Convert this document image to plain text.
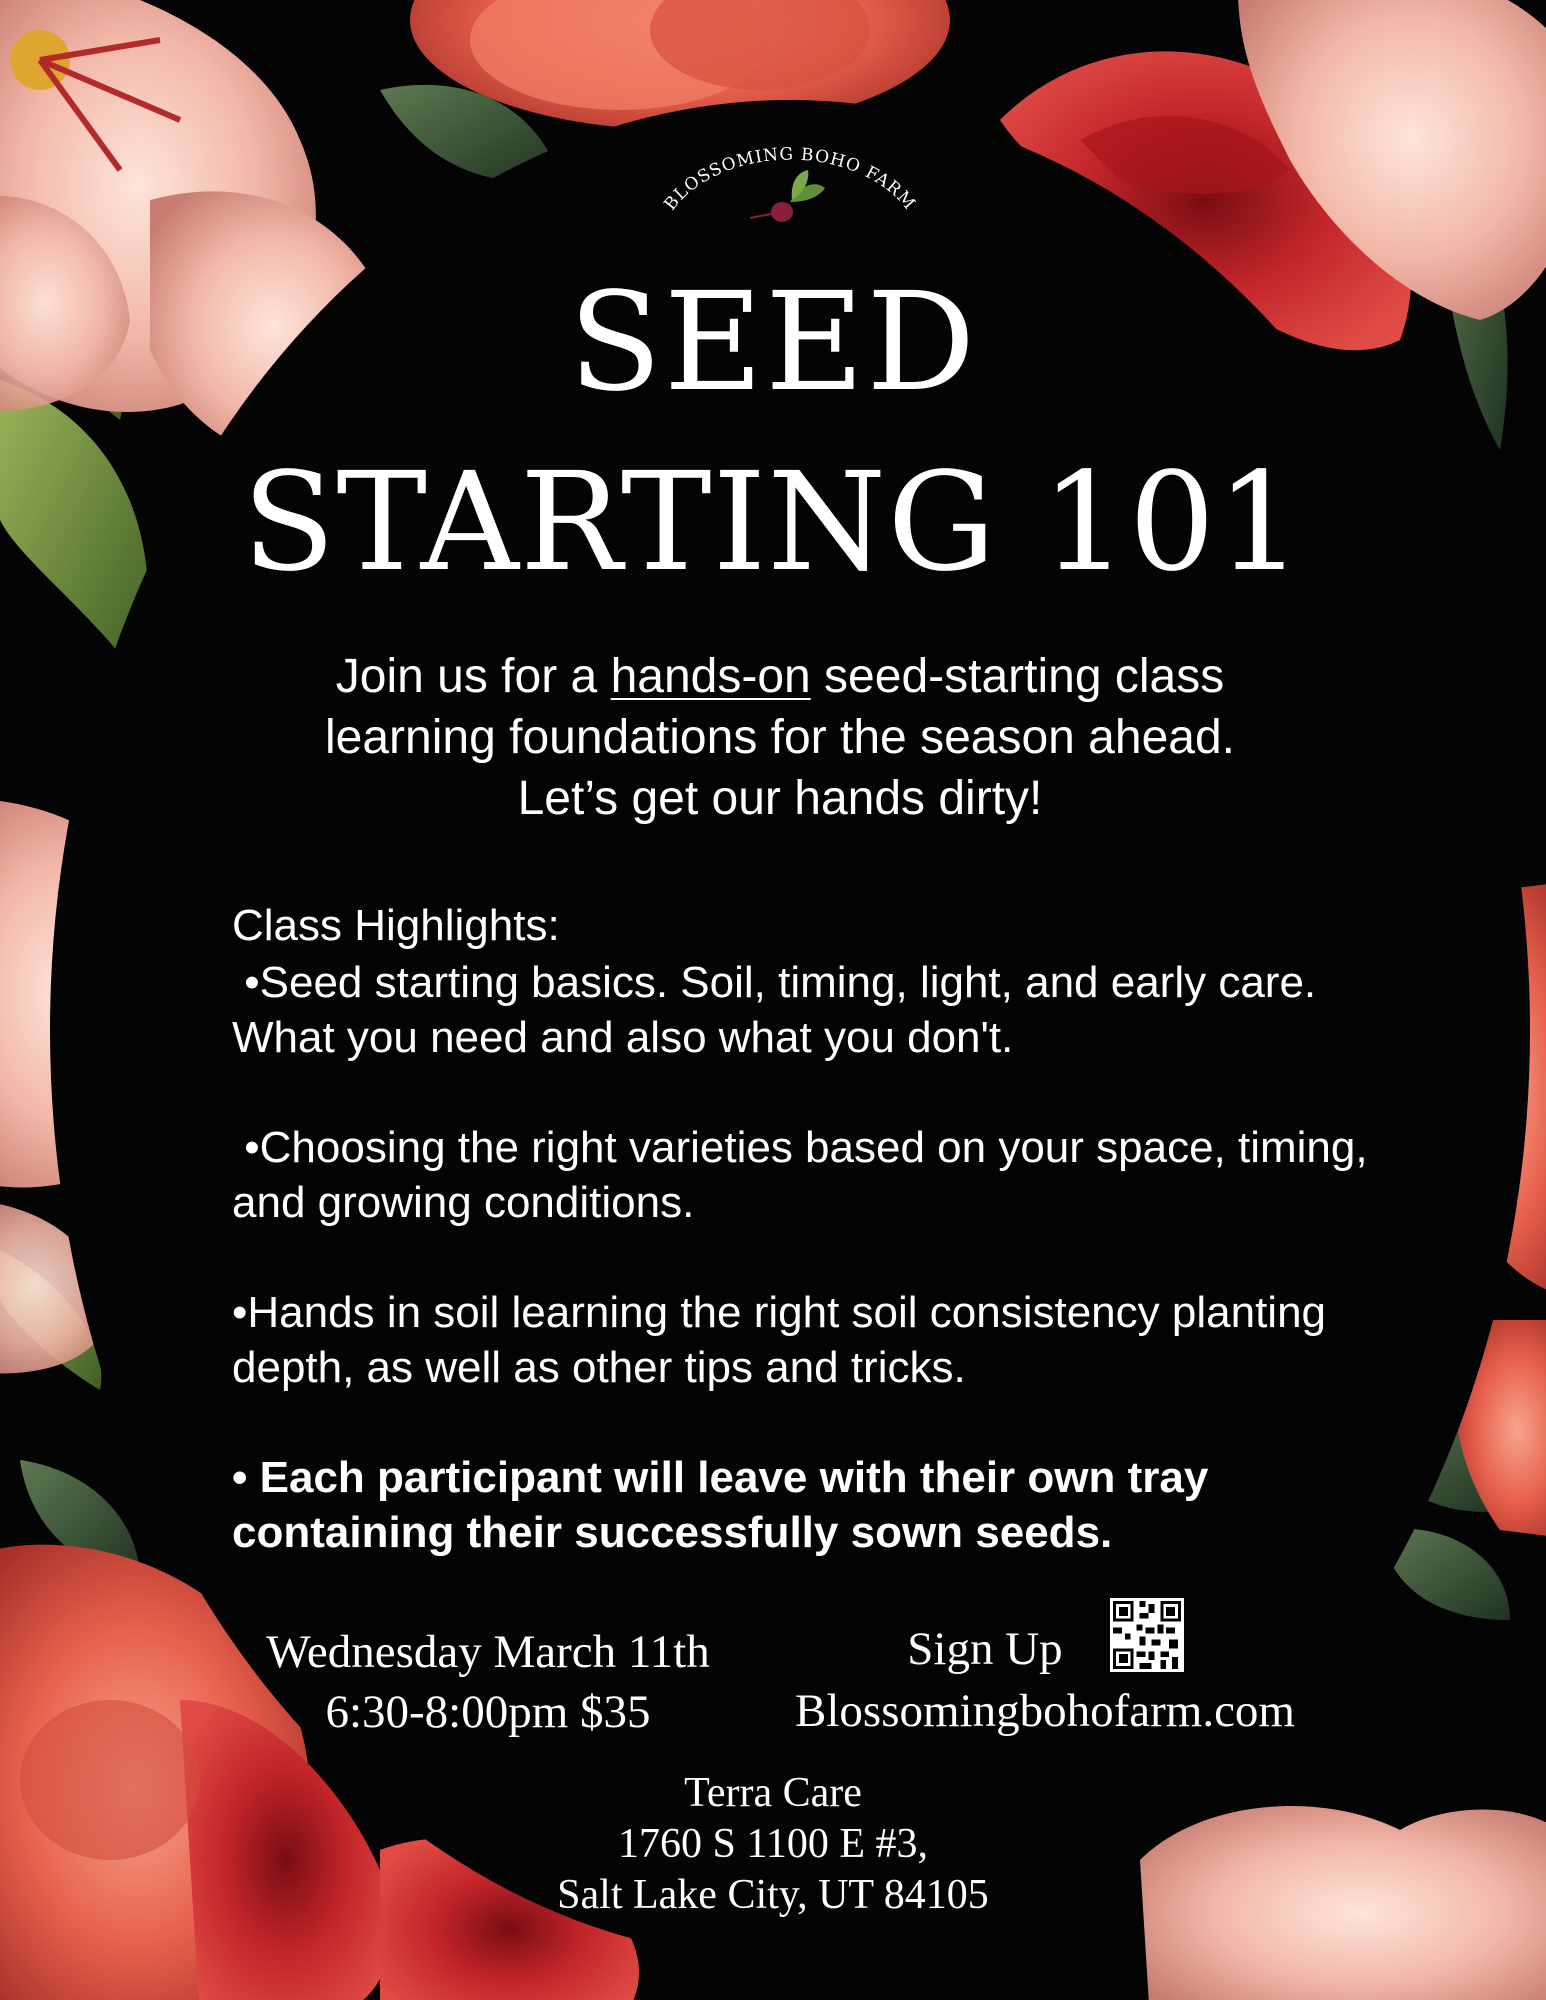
BLOSSOMING BOHO FARM
SEED
STARTING 101
Join us for a hands-on seed-starting class
learning foundations for the season ahead.
Let’s get our hands dirty!
Class Highlights:
•Seed starting basics. Soil, timing, light, and early care. What you need and also what you don't.
•Choosing the right varieties based on your space, timing, and growing conditions.
•Hands in soil learning the right soil consistency planting depth, as well as other tips and tricks.
• Each participant will leave with their own tray containing their successfully sown seeds.
Wednesday March 11th
6:30-8:00pm $35
Sign Up
Blossomingbohofarm.com
Terra Care
1760 S 1100 E #3,
Salt Lake City, UT 84105
